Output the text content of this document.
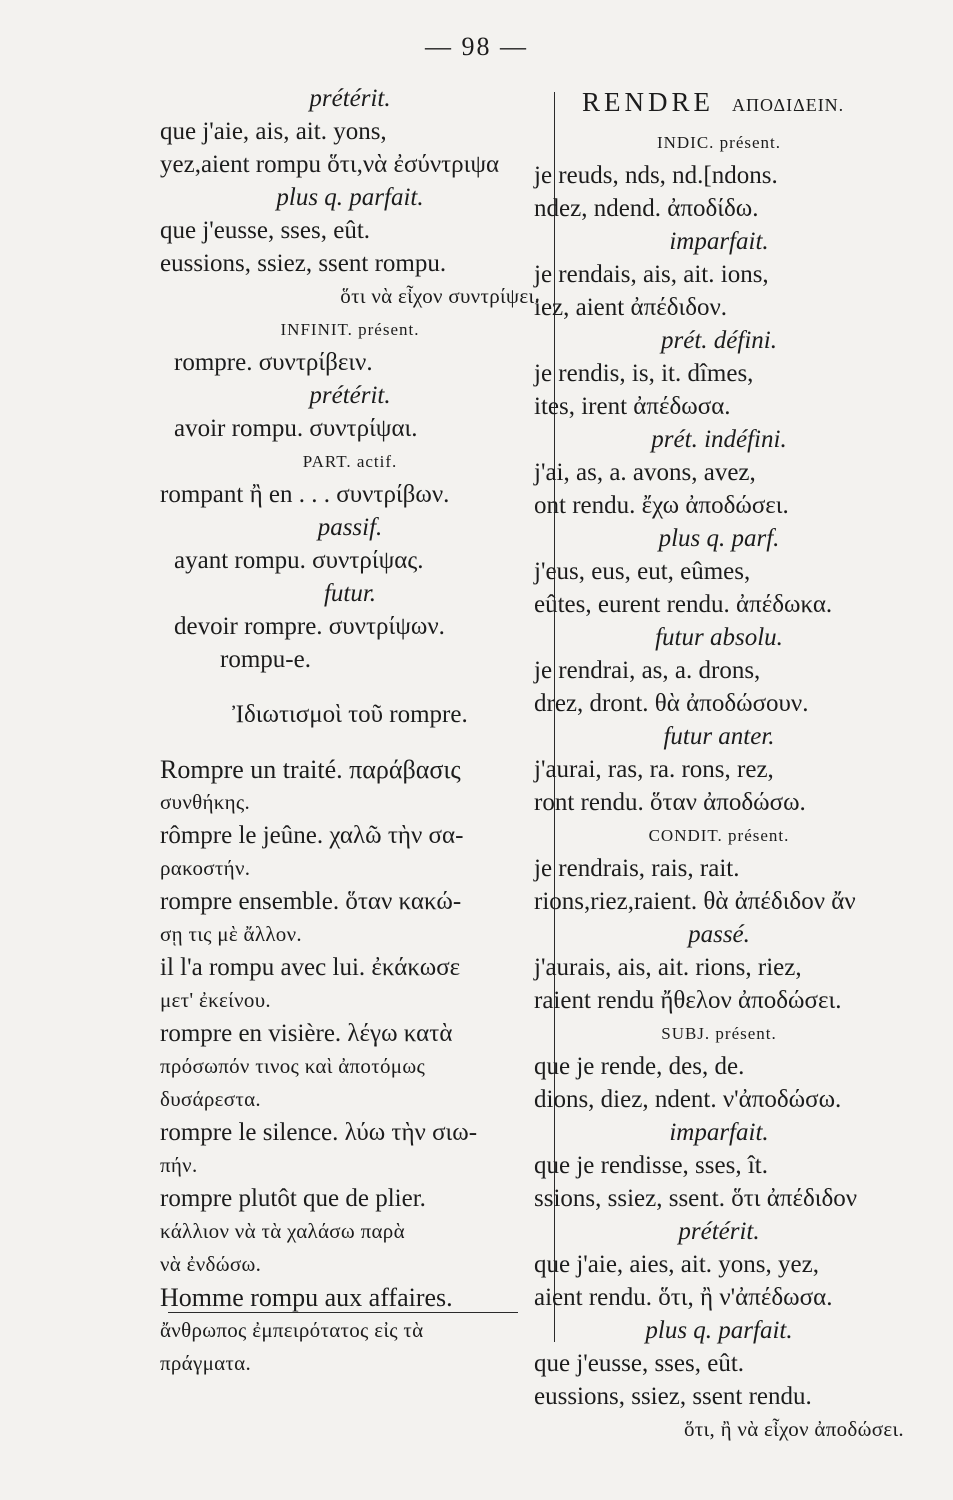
— 98 —
prétérit.
que j'aie, ais, ait. yons,
yez,aient rompu ὅτι,νὰ ἐσύντριψα
plus q. parfait.
que j'eusse, sses, eût.
eussions, ssiez, ssent rompu.
ὅτι νὰ εἶχον συντρίψει.
INFINIT. présent.
rompre. συντρίβειν.
prétérit.
avoir rompu. συντρίψαι.
PART. actif.
rompant ἢ en . . . συντρίβων.
passif.
ayant rompu. συντρίψας.
futur.
devoir rompre. συντρίψων.
rompu-e.
Ἰδιωτισμοὶ τοῦ rompre.
Rompre un traité. παράβασις
συνθήκης.
rômpre le jeûne. χαλῶ τὴν σα-
ρακοστήν.
rompre ensemble. ὅταν κακώ-
σῃ τις μὲ ἄλλον.
il l'a rompu avec lui. ἐκάκωσε
μετ' ἐκείνου.
rompre en visière. λέγω κατὰ
πρόσωπόν τινος καὶ ἀποτόμως
δυσάρεστα.
rompre le silence. λύω τὴν σιω-
πήν.
rompre plutôt que de plier.
κάλλιον νὰ τὰ χαλάσω παρὰ
νὰ ἐνδώσω.
Homme rompu aux affaires.
ἄνθρωπος ἐμπειρότατος εἰς τὰ
πράγματα.
RENDRE ΑΠΟΔΙΔΕΙΝ.
INDIC. présent.
je reuds, nds, nd.[ndons.
ndez, ndend. ἀποδίδω.
imparfait.
je rendais, ais, ait. ions,
iez, aient ἀπέδιδον.
prét. défini.
je rendis, is, it. dîmes,
ites, irent ἀπέδωσα.
prét. indéfini.
j'ai, as, a. avons, avez,
ont rendu. ἔχω ἀποδώσει.
plus q. parf.
j'eus, eus, eut, eûmes,
eûtes, eurent rendu. ἀπέδωκα.
futur absolu.
je rendrai, as, a. drons,
drez, dront. θὰ ἀποδώσουν.
futur anter.
j'aurai, ras, ra. rons, rez,
ront rendu. ὅταν ἀποδώσω.
CONDIT. présent.
je rendrais, rais, rait.
rions,riez,raient. θὰ ἀπέδιδον ἄν
passé.
j'aurais, ais, ait. rions, riez,
raient rendu ἤθελον ἀποδώσει.
SUBJ. présent.
que je rende, des, de.
dions, diez, ndent. ν'ἀποδώσω.
imparfait.
que je rendisse, sses, ît.
ssions, ssiez, ssent. ὅτι ἀπέδιδον
prétérit.
que j'aie, aies, ait. yons, yez,
aient rendu. ὅτι, ἢ ν'ἀπέδωσα.
plus q. parfait.
que j'eusse, sses, eût.
eussions, ssiez, ssent rendu.
ὅτι, ἢ νὰ εἶχον ἀποδώσει.
